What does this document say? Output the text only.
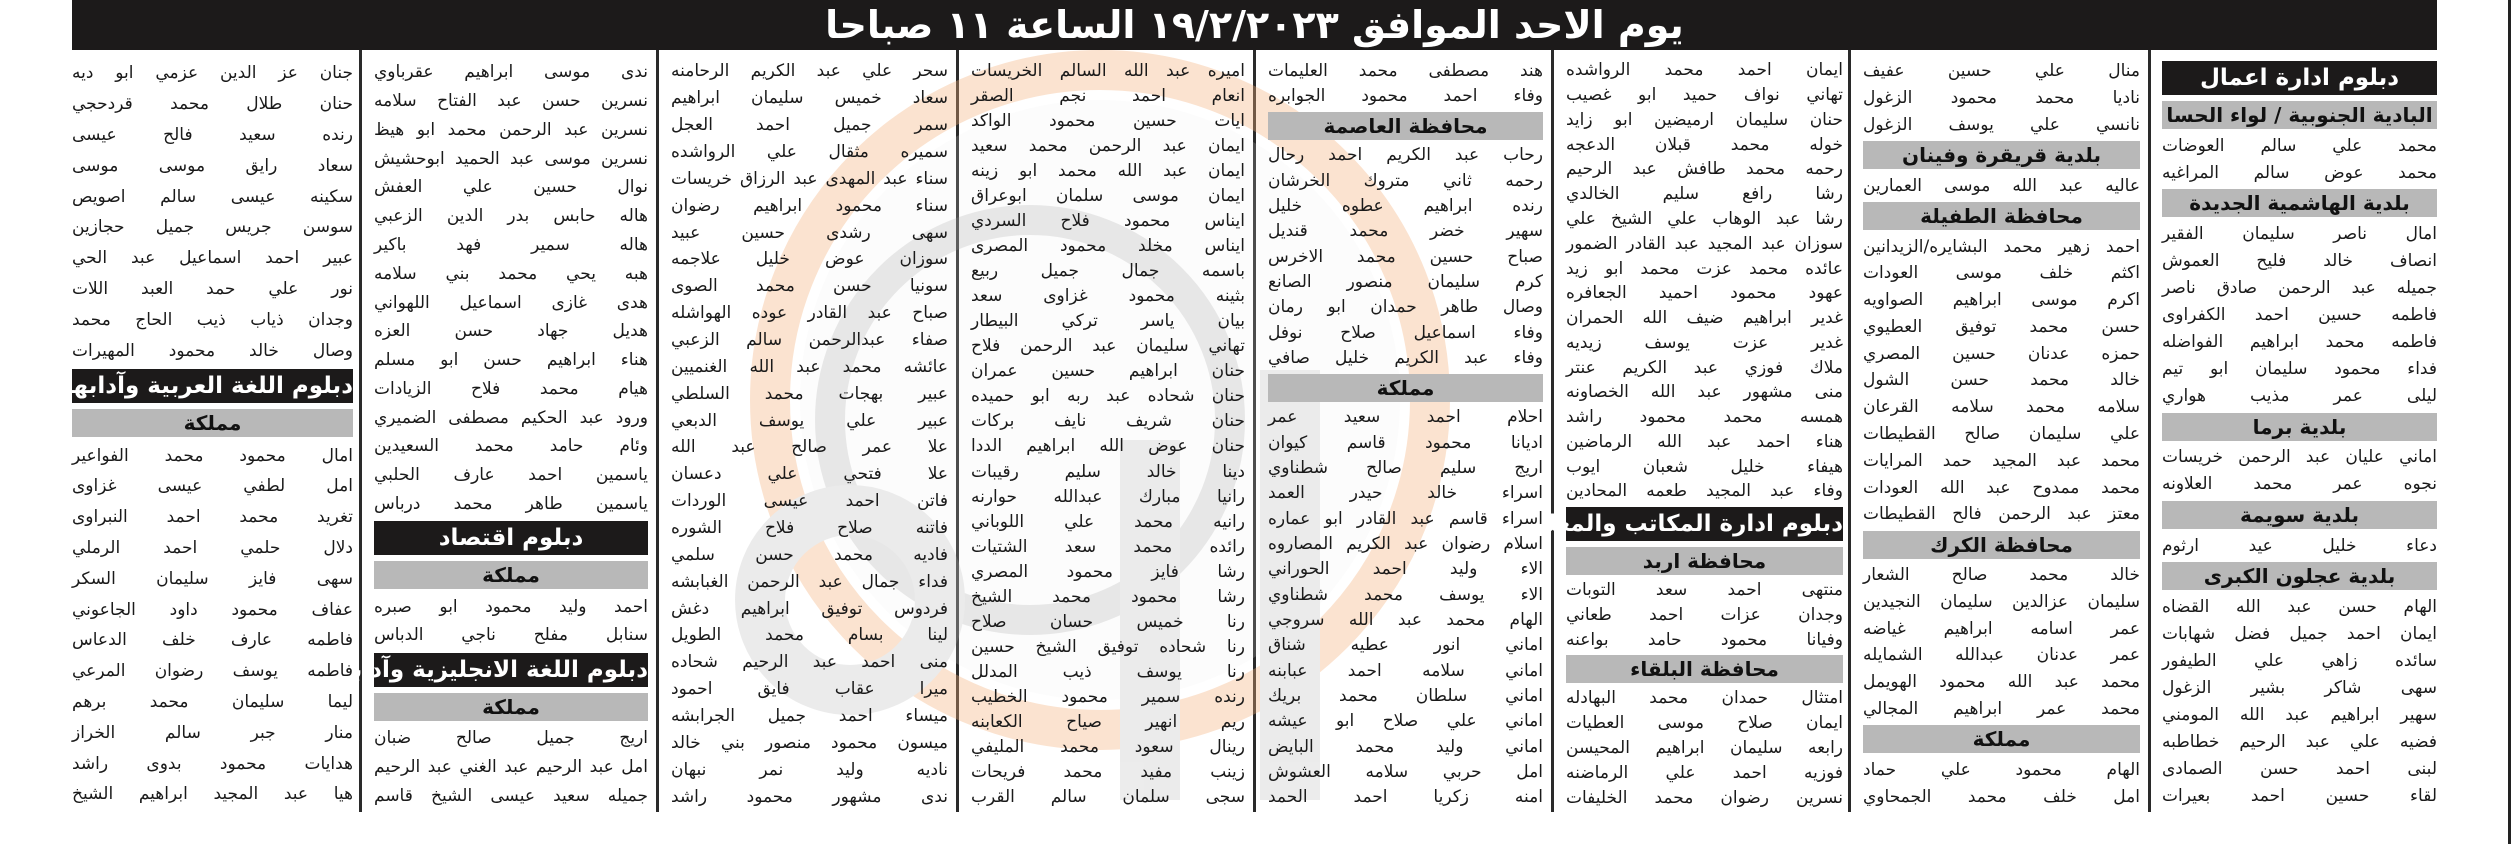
يوم الاحد الموافق ١٩/٢/٢٠٢٣ الساعة ١١ صباحا
دبلوم ادارة اعمال
البادية الجنوبية / لواء الحسا
محمد علي سالم العوضات
محمد عوض سالم المراغيه
بلدية الهاشمية الجديدة
امال ناصر سليمان الفقير
انصاف خالد فليح العموش
جميله عبد الرحمن صادق ناصر
فاطمه حسين احمد الكفراوى
فاطمه محمد ابراهيم الفواضله
فداء محمود سليمان ابو تيم
ليلى عمر مذيب هواري
بلدية برما
اماني عليان عبد الرحمن خريسات
نجوه عمر محمد العلاونه
بلدية سويمة
دعاء خليل عيد ارثوم
بلدية عجلون الكبرى
الهام حسن عبد الله القضاه
ايمان احمد جميل فضل شهابات
سائده زاهي علي الطيفور
سهى شاكر بشير الزغول
سهير ابراهيم عبد الله المومني
فضيه علي عبد الرحيم خطاطبه
لبنى احمد حسن الصمادى
لقاء حسين احمد بعيرات
منال علي حسين عفيف
ناديا محمد محمود الزغول
نانسي علي يوسف الزغول
بلدية قريقرة وفينان
عاليه عبد الله موسى العمارين
محافظة الطفيلة
احمد زهير محمد البشايره/الزيدانين
اكثم خلف موسى العودات
اكرم موسى ابراهيم الصواويه
حسن محمد توفيق العطيوي
حمزه عدنان حسين المصري
خالد محمد حسن الشول
سلامه محمد سلامه القرعان
علي سليمان صالح القطيطات
محمد عبد المجيد حمد المرايات
محمد ممدوح عبد الله العودات
معتز عبد الرحمن فالح القطيطات
محافظة الكرك
خالد محمد صالح الشعار
سليمان عزالدين سليمان النجيدين
عمر اسامه ابراهيم غياضه
عمر عدنان عبدالله الشمايله
محمد عبد الله محمود الهويمل
محمد عمر ابراهيم المجالي
مملكة
الهام محمود علي حماد
امل خلف محمد الجمحاوي
ايمان احمد محمد الرواشده
تهاني نواف حميد ابو غصيب
حنان سليمان ارميضين ابو زايد
خوله محمد قبلان الدعجه
رحمه محمد طافش عبد الرحيم
رشا رافع سليم الخالدي
رشا عبد الوهاب علي الشيخ علي
سوزان عبد المجيد عبد القادر الضمور
عائده محمد عزت محمد ابو زيد
عهود محمود احميد الجعافره
غدير ابراهيم ضيف الله الحمران
غدير عزت يوسف زيديه
ملاك فوزي عبد الكريم عنتر
منى مشهور عبد الله الخصاونه
همسه محمد محمود راشد
هناء احمد عبد الله الرماضين
هيفاء خليل شعبان ايوب
وفاء عبد المجيد طعمه المحادين
دبلوم ادارة المكاتب والمعلومات
محافظة اربد
منتهى احمد سعد التوبات
وجدان عزات احمد طعاني
وفيانا محمود حامد بواعنه
محافظة البلقاء
امتثال حمدان محمد البهادله
ايمان صلاح موسى العطيات
رابعه سليمان ابراهيم المحيسن
فوزيه احمد علي الرماضنه
نسرين رضوان محمد الخليفات
هند مصطفى محمد العليمات
وفاء احمد محمود الجوابره
محافظة العاصمة
رحاب عبد الكريم احمد رحال
رحمه ثاني متروك الخرشان
رنده ابراهيم عطوه خليل
سهير خضر محمد قنديل
صباح حسين محمد الاخرس
كرم سليمان منصور الصانع
وصال طاهر حمدان ابو رمان
وفاء اسماعيل صلاح نوفل
وفاء عبد الكريم خليل صافي
مملكة
احلام احمد سعيد عمر
اديانا محمود قاسم كيوان
اريج سليم صالح شطناوي
اسراء خالد حيدر العمد
اسراء قاسم عبد القادر ابو عماره
اسلام رضوان عبد الكريم المصاروه
الاء وليد احمد الحوراني
الاء يوسف محمد شطناوي
الهام محمد عبد الله سروجي
اماني انور عطيه شناق
اماني سلامه احمد عبابنه
اماني سلطان محمد بريك
اماني علي صلاح ابو عيشه
اماني وليد محمد البايض
امل حربي سلامه العشوش
امنه زكريا احمد الحمد
اميره عبد الله السالم الخريسات
انعام احمد نجم الصقر
ايات حسين محمود الواكد
ايمان عبد الرحمن محمد سعيد
ايمان عبد الله محمد ابو زينه
ايمان موسى سلمان ابوعراق
ايناس محمود فلاح السردي
ايناس مخلد محمود المصرى
باسمه جمال جميل ربيع
بثينه محمود غزاوى سعد
بيان ياسر تركي البيطار
تهاني سليمان عبد الرحمن فلاح
حنان ابراهيم حسين عمران
حنان شحاده عبد ربه ابو حميده
حنان شريف نايف بركات
حنان عوض الله ابراهيم الددا
دينا خالد سليم رقيبات
رانيا مبارك عبدالله حوارنه
رانيه محمد علي اللوباني
رائده محمد سعد الشتيات
رشا فايز محمود المصري
رشا محمود محمد الشيخ
رنا خميس حسان صلاح
رنا شحاده توفيق الشيخ حسين
رنا يوسف ذيب المدلل
رنده سمير محمود الخطيب
ريم انهير صياح الكعابنه
رينال سعود محمد المليفي
زينب مفيد محمد فريحات
سجى سلمان سالم القرب
سحر علي عبد الكريم الرحامنه
سعاد خميس سليمان ابراهيم
سمر جميل احمد العجل
سميره مثقال علي الرواشده
سناء عبد المهدى عبد الرزاق خريسات
سناء محمود ابراهيم رضوان
سهى رشدى حسين عبيد
سوزان عوض خليل علاجمه
سونيا حسن محمد الصوى
صباح عبد القادر عوده الهواشله
صفاء عبدالرحمن سالم الزعبي
عائشه محمد عبد الله الغنميين
عبير بهجات محمد السلطي
عبير علي يوسف الدبعي
علا عمر صالح عبد الله
علا فتحي علي دعسان
فاتن احمد عيسى الوردات
فاتنه صلاح فلاح الشوره
فاديه محمد حسن سلمي
فداء جمال عبد الرحمن الغبابشه
فردوس توفيق ابراهيم دغش
لينا بسام محمد الطويل
منى احمد عبد الرحيم شحاده
ميرا عقاب فايق احمود
ميساء احمد جميل الجرابشه
ميسون محمود منصور بني خالد
ناديه وليد نمر نبهان
ندى مشهور محمود راشد
ندى موسى ابراهيم عقرباوي
نسرين حسن عبد الفتاح سلامه
نسرين عبد الرحمن محمد ابو هيظ
نسرين موسى عبد الحميد ابوحشيش
نوال حسين علي العفش
هاله حابس بدر الدين الزعبي
هاله سمير فهد باكير
هبه يحي محمد بني سلامه
هدى غازى اسماعيل اللهواني
هديل جهاد حسن العزه
هناء ابراهيم حسن ابو مسلم
هيام محمد فلاح الزيادات
ورود عبد الحكيم مصطفى الضميري
وئام حامد محمد السعيدين
ياسمين احمد عارف الحلبي
ياسمين طاهر محمد درباس
دبلوم اقتصاد
مملكة
احمد وليد محمود ابو صبره
سنابل مفلح ناجي الدباس
دبلوم اللغة الانجليزية وآدابها
مملكة
اريج جميل صالح ضبان
امل عبد الرحيم عبد الغني عبد الرحيم
جميله سعيد عيسى الشيخ قاسم
جنان عز الدين عزمي ابو ديه
حنان طلال محمد قردحجي
رنده سعيد فالح عيسى
سعاد رايق موسى موسى
سكينه عيسى سالم اصويص
سوسن جريس جميل حجازين
عبير احمد اسماعيل عبد الحي
نور علي حمد العبد اللات
وجدان ذياب ذيب الحاج محمد
وصال خالد محمود المهيرات
دبلوم اللغة العربية وآدابها
مملكة
امال محمود محمد الفواعير
امل لطفي عيسى غزاوى
تغريد محمد احمد النبراوى
دلال حلمي احمد الرملي
سهى فايز سليمان السكر
عفاف محمود داود الجاعوني
فاطمه عارف خلف الدعاس
فاطمه يوسف رضوان المرعي
ليما سليمان محمد برهم
منار جبر سالم الخراز
هدايات محمود بدوى راشد
هيا عبد المجيد ابراهيم الشيخ
